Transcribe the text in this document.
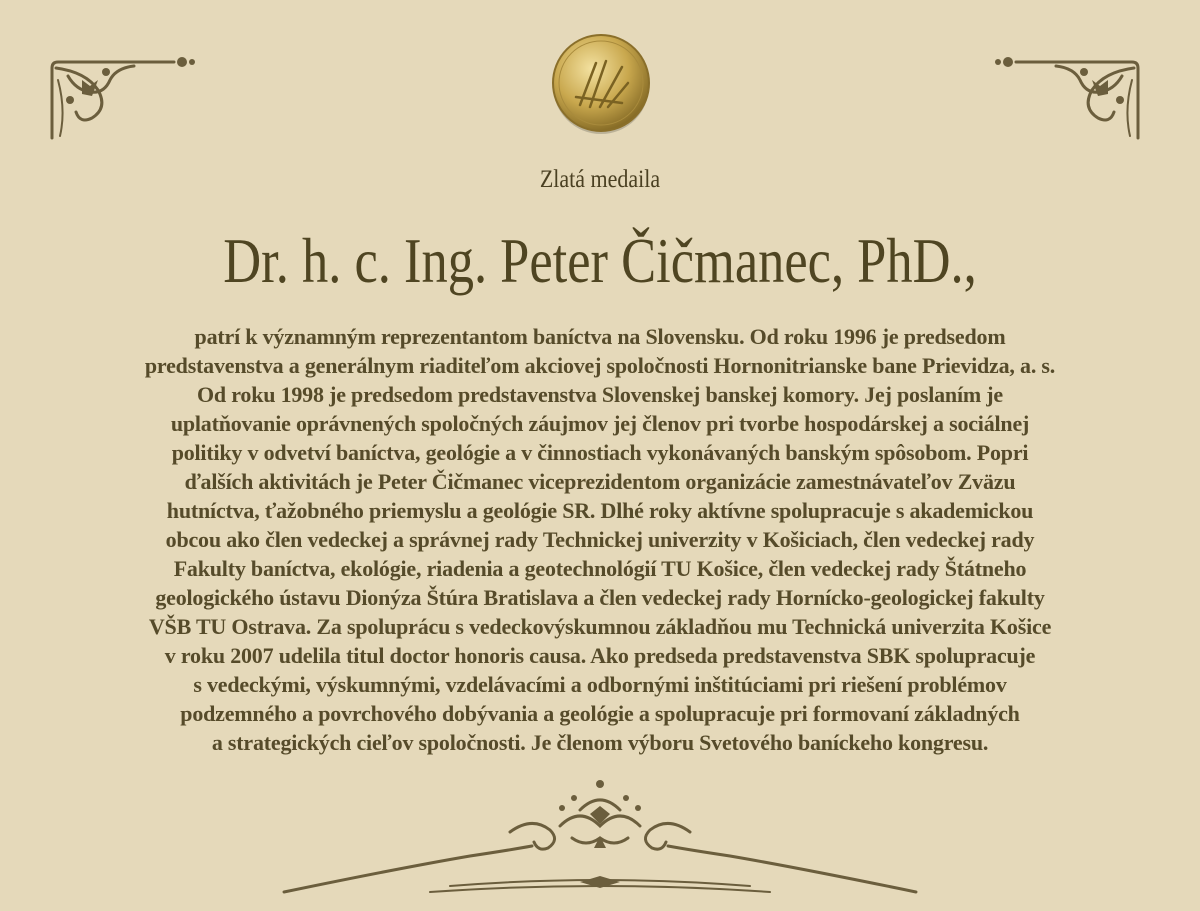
Zlatá medaila
Dr. h. c. Ing. Peter Čičmanec, PhD.,

patrí k významným reprezentantom baníctva na Slovensku. Od roku 1996 je predsedom
predstavenstva a generálnym riaditeľom akciovej spoločnosti Hornonitrianske bane Prievidza, a. s.
Od roku 1998 je predsedom predstavenstva Slovenskej banskej komory. Jej poslaním je
uplatňovanie oprávnených spoločných záujmov jej členov pri tvorbe hospodárskej a sociálnej
politiky v odvetví baníctva, geológie a v činnostiach vykonávaných banským spôsobom. Popri
ďalších aktivitách je Peter Čičmanec viceprezidentom organizácie zamestnávateľov Zväzu
hutníctva, ťažobného priemyslu a geológie SR. Dlhé roky aktívne spolupracuje s akademickou
obcou ako člen vedeckej a správnej rady Technickej univerzity v Košiciach, člen vedeckej rady
Fakulty baníctva, ekológie, riadenia a geotechnológií TU Košice, člen vedeckej rady Štátneho
geologického ústavu Dionýza Štúra Bratislava a člen vedeckej rady Hornícko-geologickej fakulty
VŠB TU Ostrava. Za spoluprácu s vedeckovýskumnou základňou mu Technická univerzita Košice
v roku 2007 udelila titul doctor honoris causa. Ako predseda predstavenstva SBK spolupracuje
s vedeckými, výskumnými, vzdelávacími a odbornými inštitúciami pri riešení problémov
podzemného a povrchového dobývania a geológie a spolupracuje pri formovaní základných
a strategických cieľov spoločnosti. Je členom výboru Svetového baníckeho kongresu.
